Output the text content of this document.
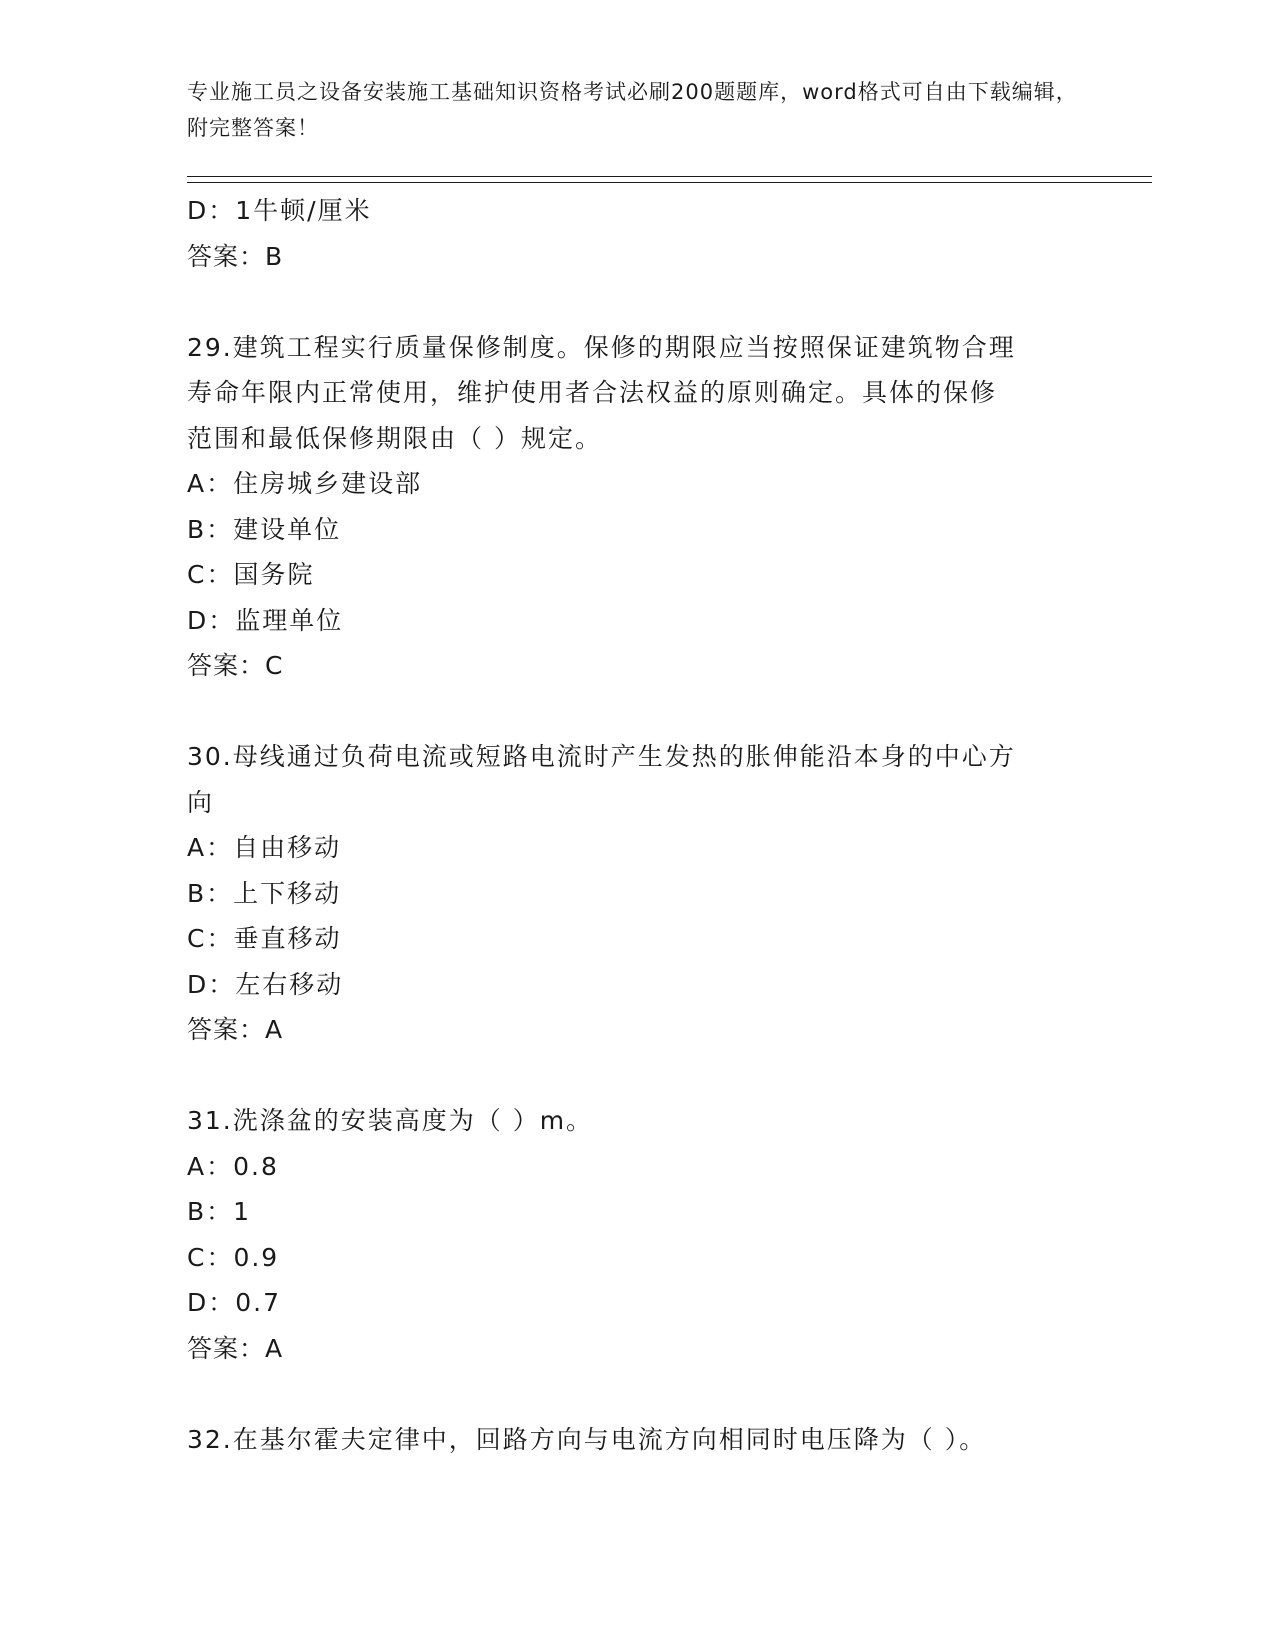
专业施工员之设备安装施工基础知识资格考试必刷200题题库，word格式可自由下载编辑，附完整答案！
D：1牛顿/厘米
答案：B
29.建筑工程实行质量保修制度。保修的期限应当按照保证建筑物合理
寿命年限内正常使用，维护使用者合法权益的原则确定。具体的保修
范围和最低保修期限由（ ）规定。
A：住房城乡建设部
B：建设单位
C：国务院
D：监理单位
答案：C
30.母线通过负荷电流或短路电流时产生发热的胀伸能沿本身的中心方
向
A：自由移动
B：上下移动
C：垂直移动
D：左右移动
答案：A
31.洗涤盆的安装高度为（ ）m。
A：0.8
B：1
C：0.9
D：0.7
答案：A
32.在基尔霍夫定律中，回路方向与电流方向相同时电压降为（ ）。
